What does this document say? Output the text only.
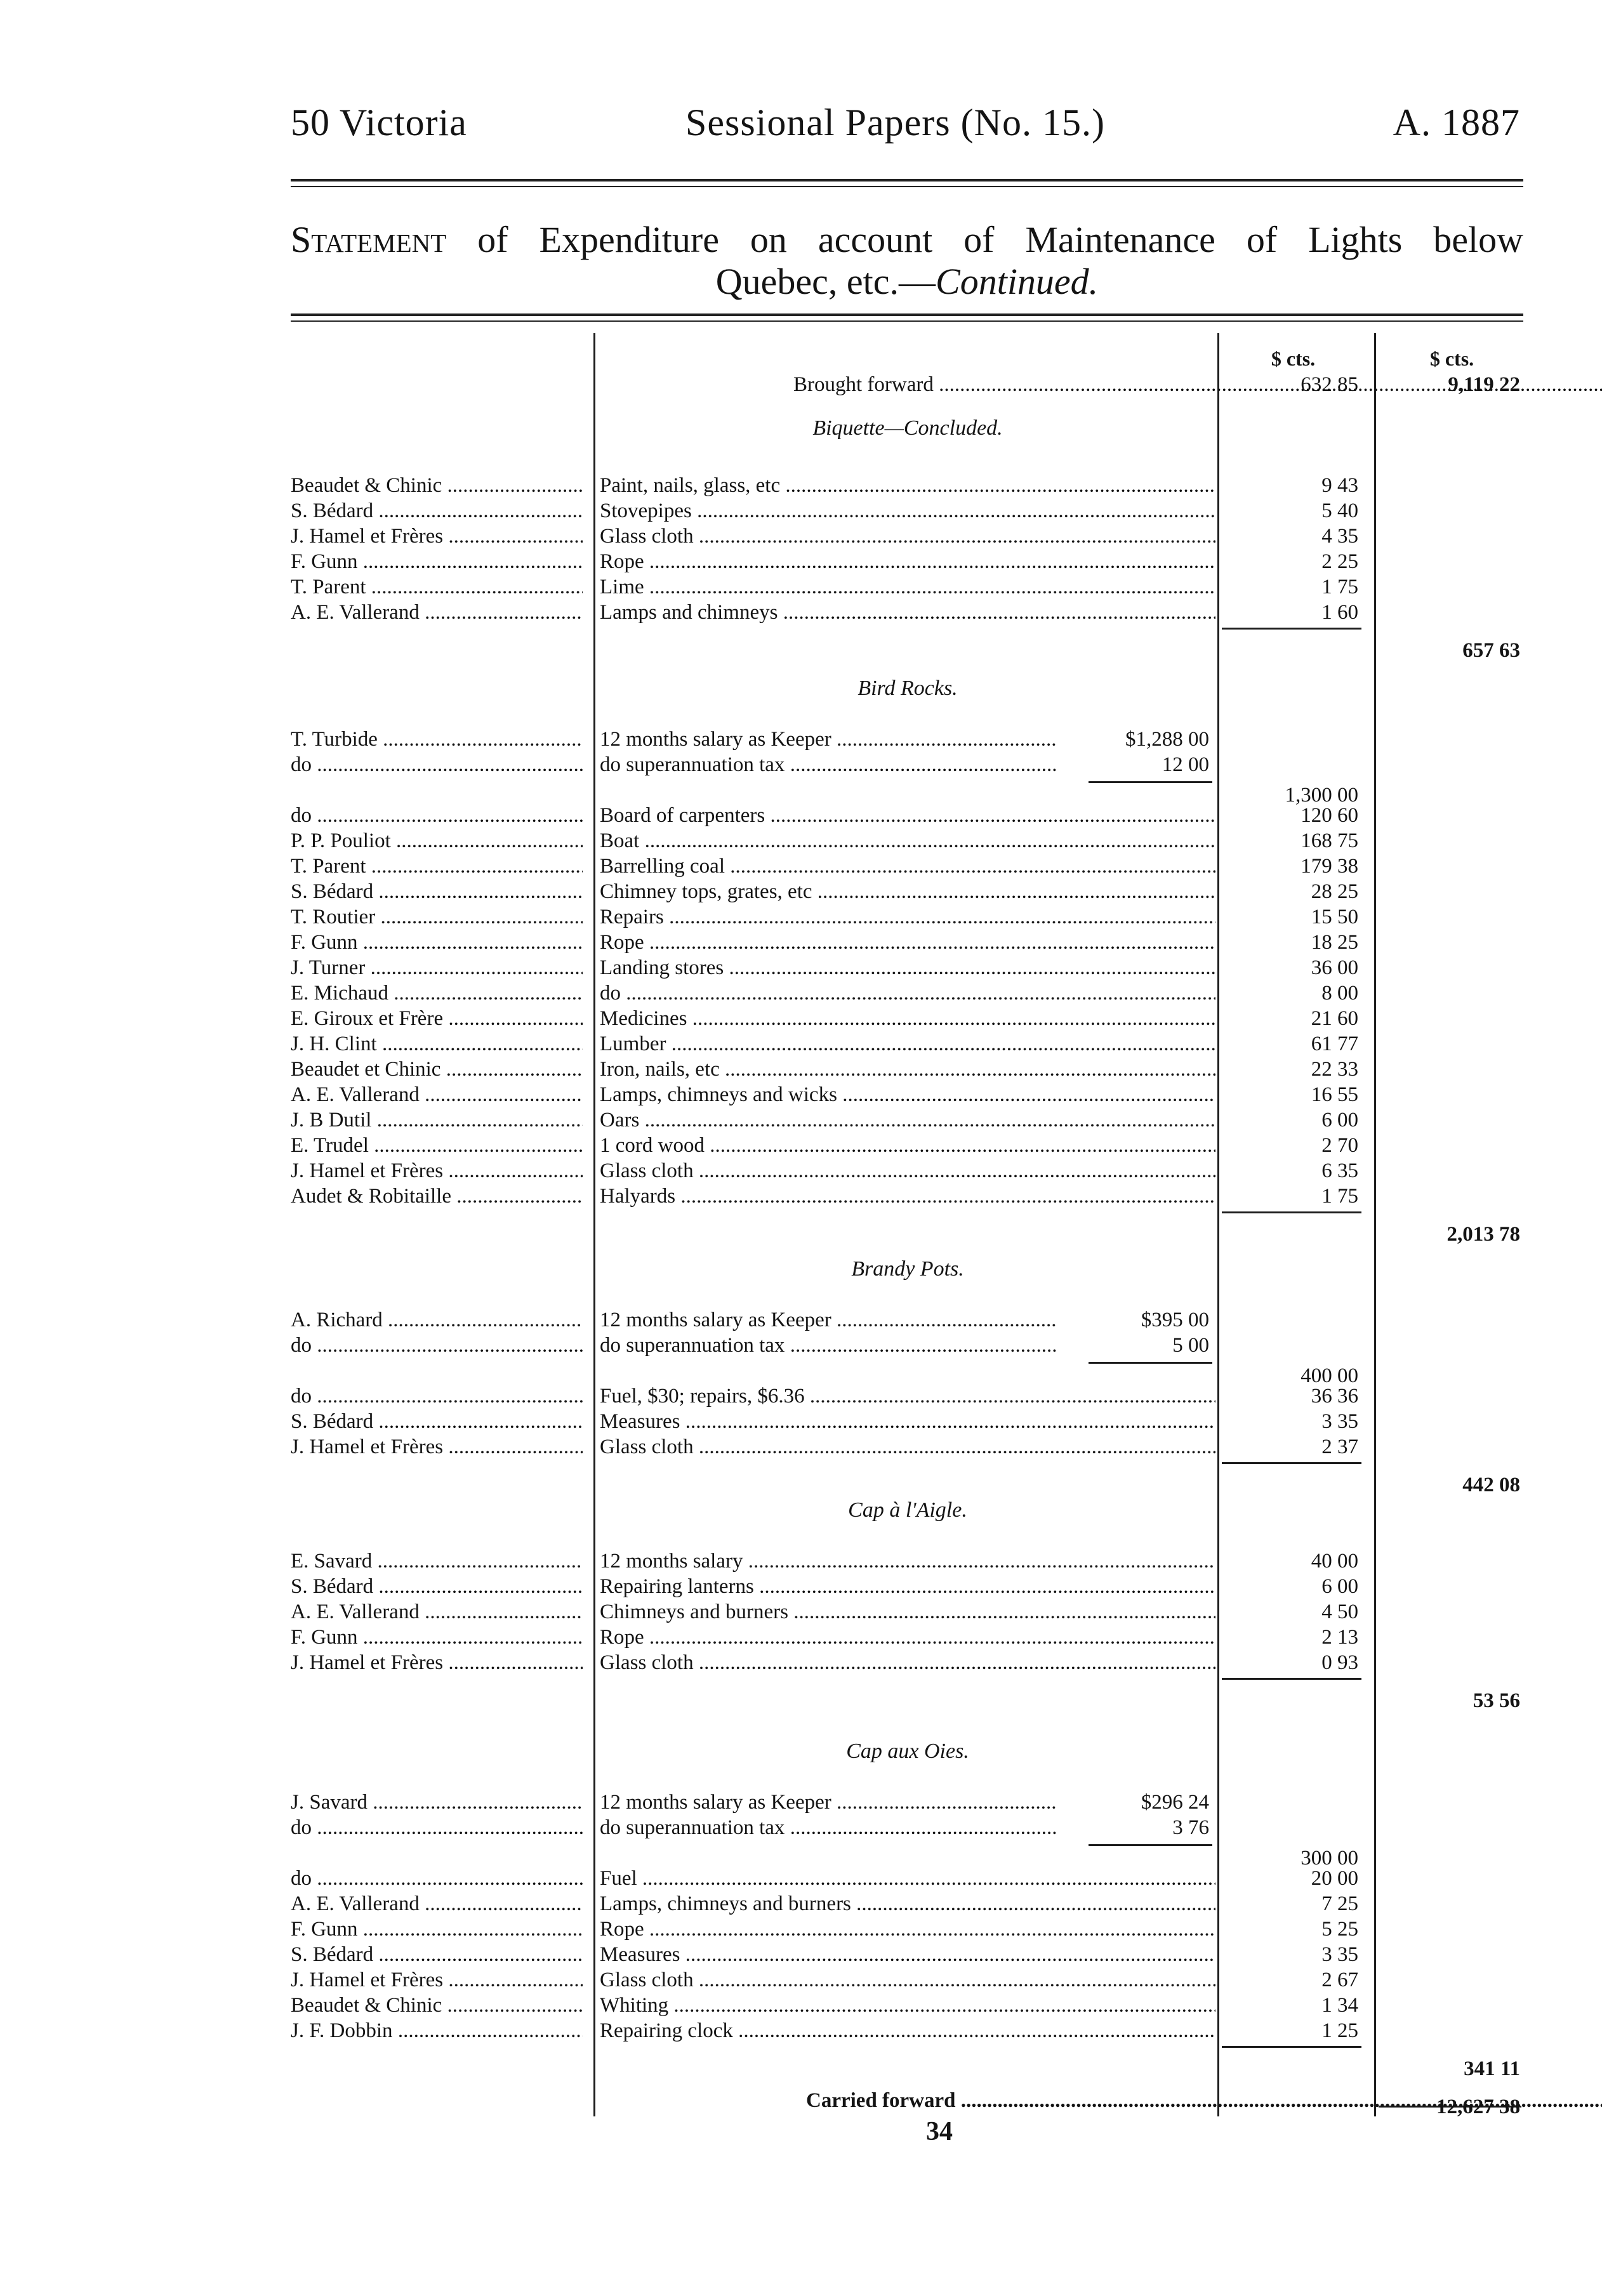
50 Victoria	Sessional Papers (No. 15.)	A. 1887
Statement of Expenditure on account of Maintenance of Lights below
Quebec, etc.—Continued.
$ cts.	$ cts.
Brought forward .....	632 85	9,119 22
Biquette—Concluded.
Beaudet & Chinic .....	Paint, nails, glass, etc .....	9 43
S. Bédard .....	Stovepipes .....	5 40
J. Hamel et Frères .....	Glass cloth .....	4 35
F. Gunn .....	Rope .....	2 25
T. Parent .....	Lime .....	1 75
A. E. Vallerand .....	Lamps and chimneys .....	1 60
657 63
Bird Rocks.
T. Turbide .....	12 months salary as Keeper .....	$1,288 00
do .....	do superannuation tax .....	12 00
1,300 00
do .....	Board of carpenters .....	120 60
P. P. Pouliot .....	Boat .....	168 75
T. Parent .....	Barrelling coal .....	179 38
S. Bédard .....	Chimney tops, grates, etc .....	28 25
T. Routier .....	Repairs .....	15 50
F. Gunn .....	Rope .....	18 25
J. Turner .....	Landing stores .....	36 00
E. Michaud .....	do .....	8 00
E. Giroux et Frère .....	Medicines .....	21 60
J. H. Clint .....	Lumber .....	61 77
Beaudet et Chinic .....	Iron, nails, etc .....	22 33
A. E. Vallerand .....	Lamps, chimneys and wicks .....	16 55
J. B Dutil .....	Oars .....	6 00
E. Trudel .....	1 cord wood .....	2 70
J. Hamel et Frères .....	Glass cloth .....	6 35
Audet & Robitaille .....	Halyards .....	1 75
2,013 78
Brandy Pots.
A. Richard .....	12 months salary as Keeper .....	$395 00
do .....	do superannuation tax .....	5 00
400 00
do .....	Fuel, $30; repairs, $6.36 .....	36 36
S. Bédard .....	Measures .....	3 35
J. Hamel et Frères .....	Glass cloth .....	2 37
442 08
Cap à l'Aigle.
E. Savard .....	12 months salary .....	40 00
S. Bédard .....	Repairing lanterns .....	6 00
A. E. Vallerand .....	Chimneys and burners .....	4 50
F. Gunn .....	Rope .....	2 13
J. Hamel et Frères .....	Glass cloth .....	0 93
53 56
Cap aux Oies.
J. Savard .....	12 months salary as Keeper .....	$296 24
do .....	do superannuation tax .....	3 76
300 00
do .....	Fuel .....	20 00
A. E. Vallerand .....	Lamps, chimneys and burners .....	7 25
F. Gunn .....	Rope .....	5 25
S. Bédard .....	Measures .....	3 35
J. Hamel et Frères .....	Glass cloth .....	2 67
Beaudet & Chinic .....	Whiting .....	1 34
J. F. Dobbin .....	Repairing clock .....	1 25
341 11
Carried forward .....	12,627 38
34
